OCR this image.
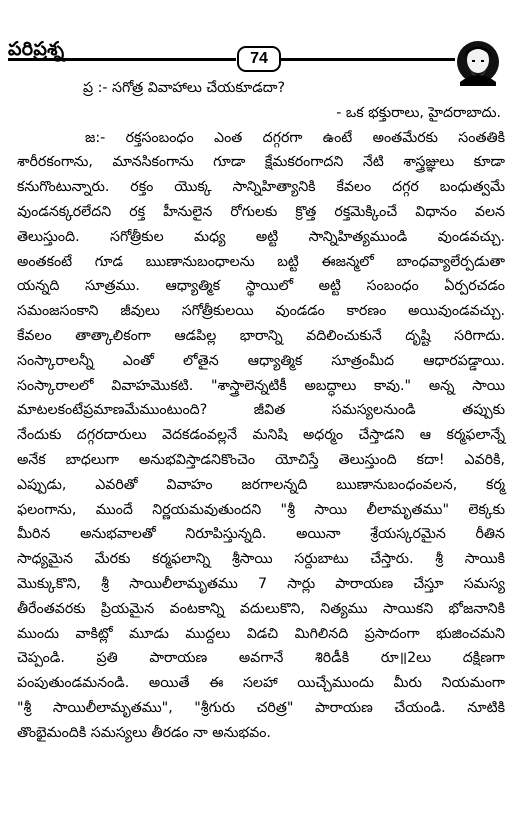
పరిప్రశ్న	74
ప్ర :- సగోత్ర వివాహాలు చేయకూడదా?
- ఒక భక్తురాలు, హైదరాబాదు.
జ:- రక్తసంబంధం ఎంత దగ్గరగా ఉంటే అంతమేరకు సంతతికి
శారీరకంగాను, మానసికంగాను గూడా క్షేమకరంగాదని నేటి శాస్త్రజ్ఞులు కూడా
కనుగొంటున్నారు. రక్తం యొక్క సాన్నిహిత్యానికి కేవలం దగ్గర బంధుత్వమే
వుండనక్కరలేదని రక్త హీనులైన రోగులకు క్రొత్త రక్తమెక్కించే విధానం వలన
తెలుస్తుంది. సగోత్రీకుల మధ్య అట్టి సాన్నిహిత్యముండి వుండవచ్చు.
అంతకంటే గూడ ఋణానుబంధాలను బట్టి ఈజన్మలో బాంధవ్యాలేర్పడుతా
యన్నది సూత్రము. ఆధ్యాత్మిక స్థాయిలో అట్టి సంబంధం ఏర్పరచడం
సమంజసంకాని జీవులు సగోత్రీకులయి వుండడం కారణం అయివుండవచ్చు.
కేవలం తాత్కాలికంగా ఆడపిల్ల భారాన్ని వదిలించుకునే దృష్టి సరిగాదు.
సంస్కారాలన్నీ ఎంతో లోతైన ఆధ్యాత్మిక సూత్రంమీద ఆధారపడ్డాయి.
సంస్కారాలలో వివాహమొకటి. "శాస్త్రాలెన్నటికీ అబద్ధాలు కావు." అన్న సాయి
మాటలకంటేప్రమాణమేముంటుంది? జీవిత సమస్యలనుండి తప్పుకు
నేందుకు దగ్గరదారులు వెదకడంవల్లనే మనిషి అధర్మం చేస్తాడని ఆ కర్మఫలాన్నే
అనేక బాధలుగా అనుభవిస్తాడనికొంచెం యోచిస్తే తెలుస్తుంది కదా! ఎవరికి,
ఎప్పుడు, ఎవరితో వివాహం జరగాలన్నది ఋణానుబంధంవలన, కర్మ
ఫలంగాను, ముందే నిర్ణయమవుతుందని "శ్రీ సాయి లీలామృతము" లెక్కకు
మీరిన అనుభవాలతో నిరూపిస్తున్నది. అయినా శ్రేయస్కరమైన రీతిన
సాధ్యమైన మేరకు కర్మఫలాన్ని శ్రీసాయి సర్దుబాటు చేస్తారు. శ్రీ సాయికి
మొక్కుకొని, శ్రీ సాయిలీలామృతము 7 సార్లు పారాయణ చేస్తూ సమస్య
తీరేంతవరకు ప్రియమైన వంటకాన్ని వదులుకొని, నిత్యము సాయికని భోజనానికి
ముందు వాకిట్లో మూడు ముద్దలు విడచి మిగిలినది ప్రసాదంగా భుజించమని
చెప్పండి. ప్రతి పారాయణ అవగానే శిరిడీకి రూ॥2లు దక్షిణగా
పంపుతుండమనండి. అయితే ఈ సలహా యిచ్చేముందు మీరు నియమంగా
"శ్రీ సాయిలీలామృతము", "శ్రీగురు చరిత్ర" పారాయణ చేయండి. నూటికి
తొంభైమందికి సమస్యలు తీరడం నా అనుభవం.
